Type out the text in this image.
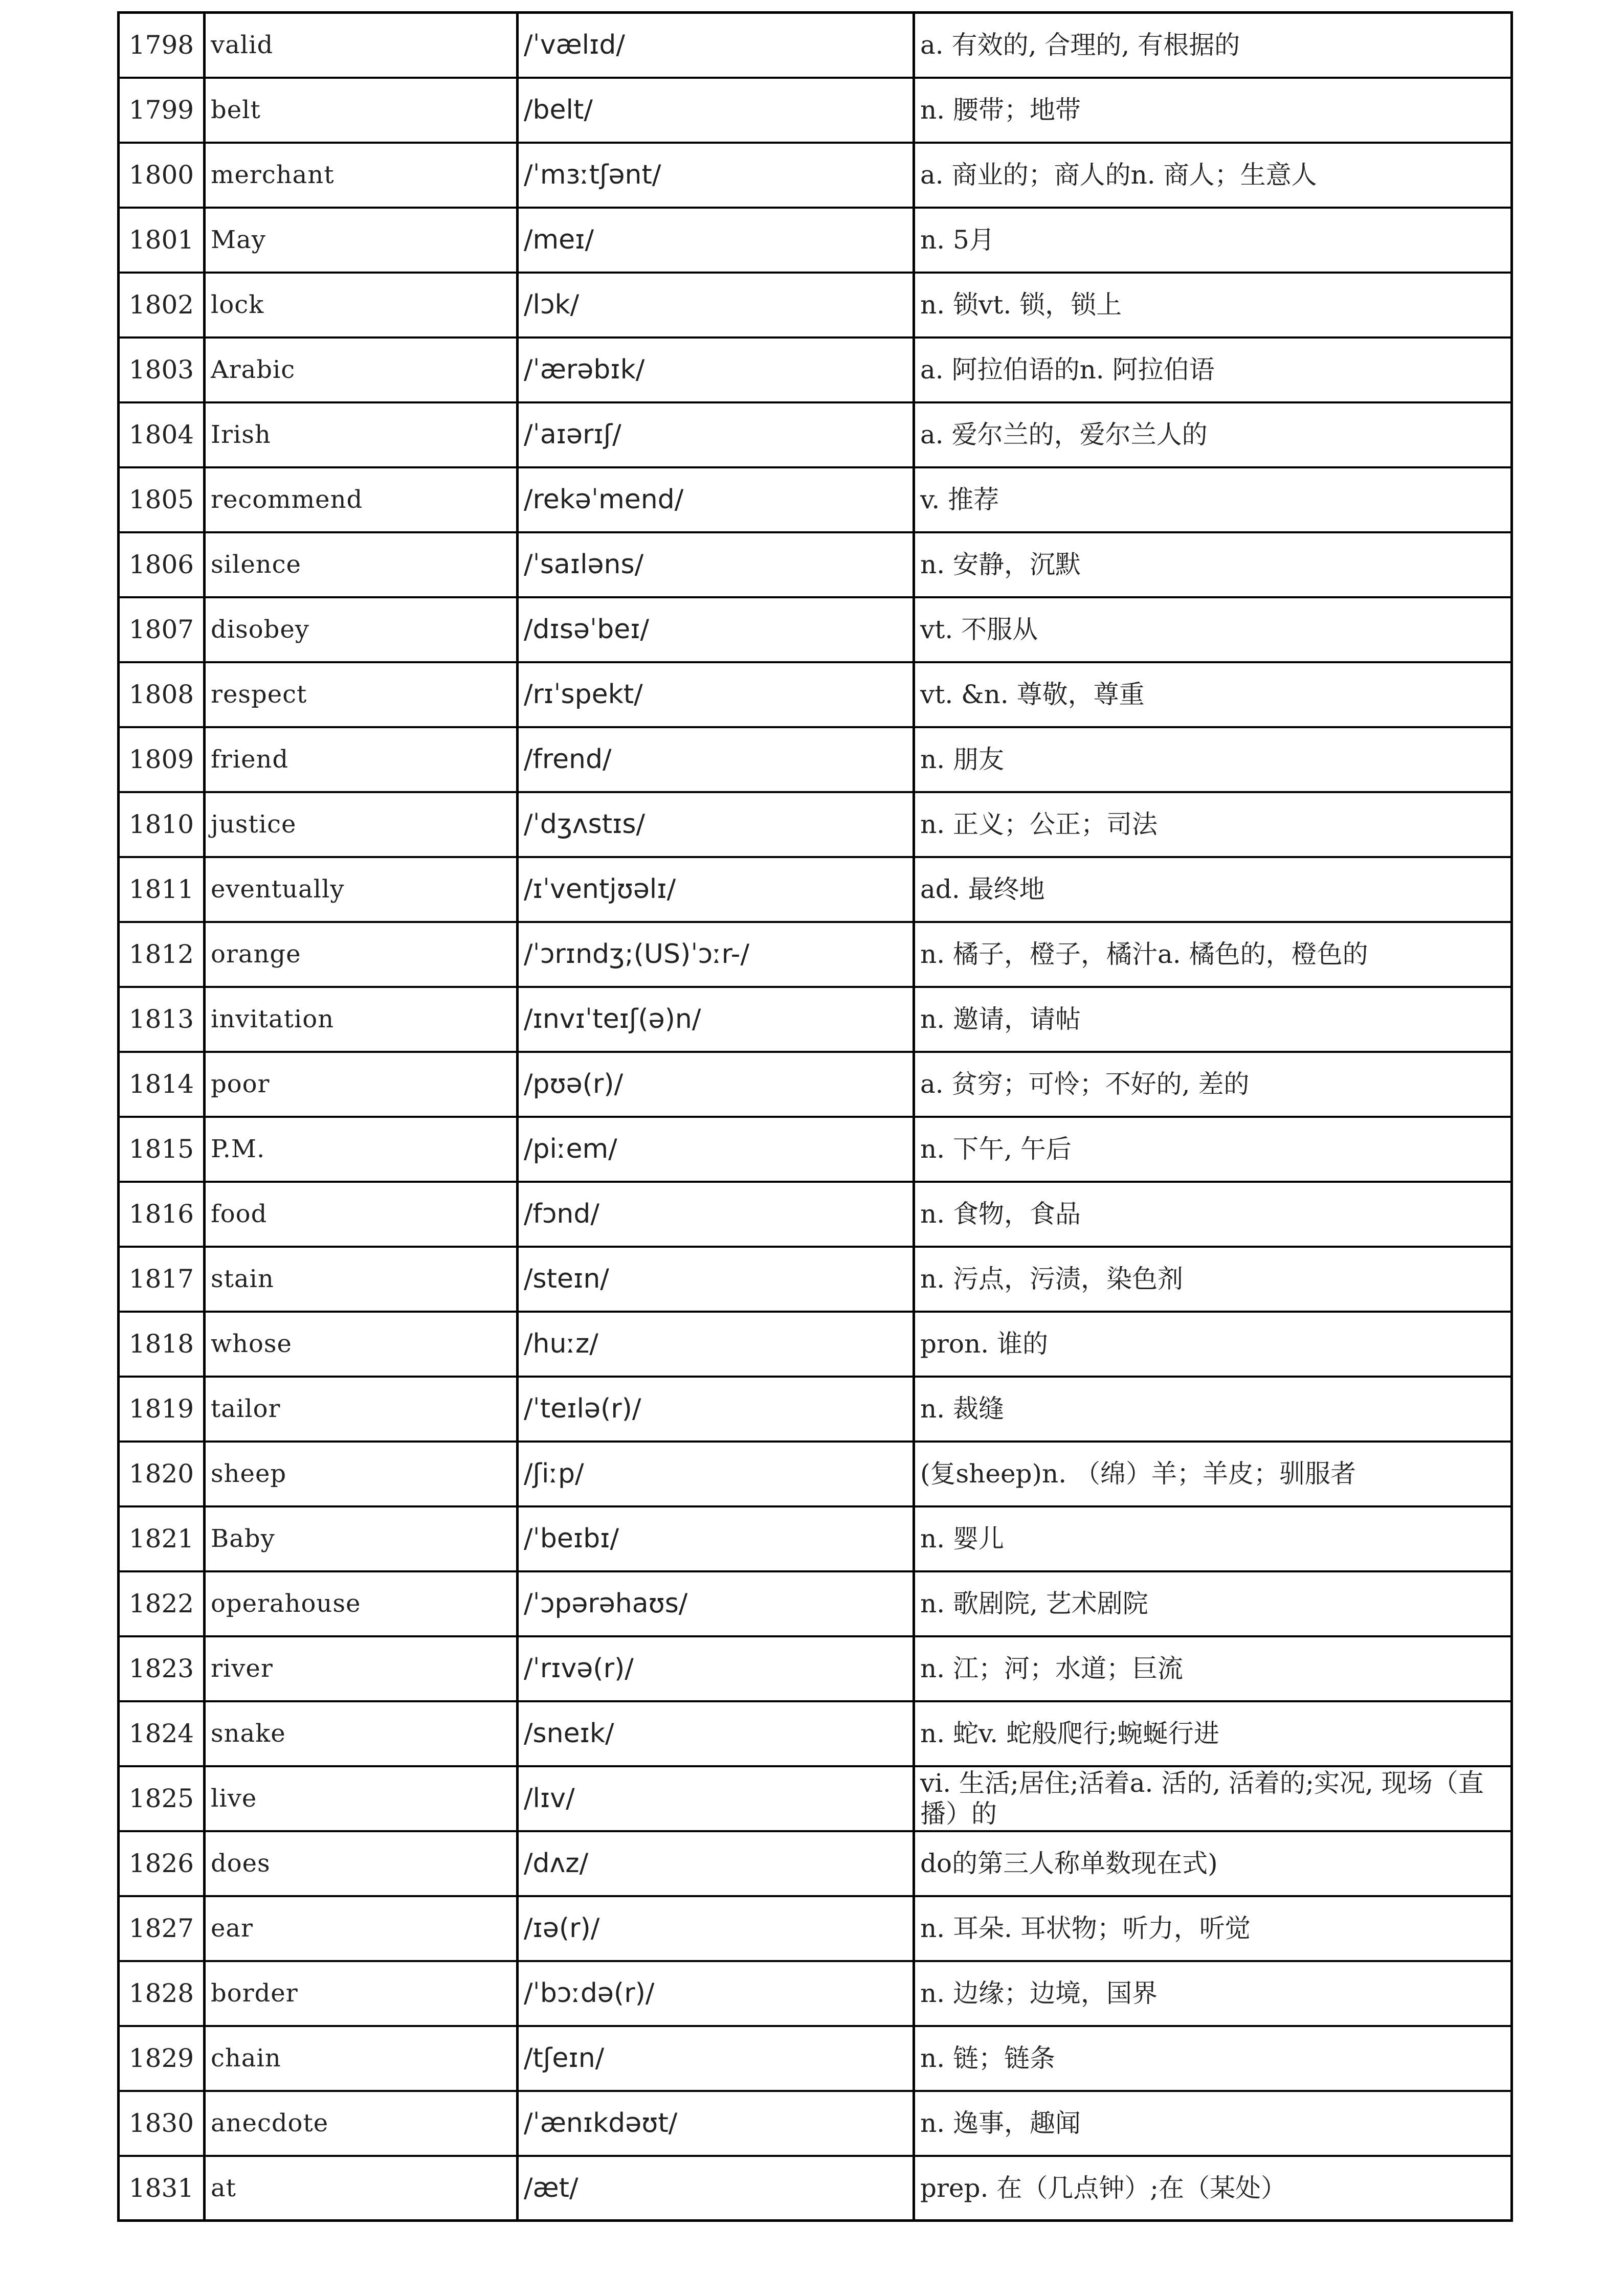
1798	valid	/ˈvælɪd/	a. 有效的, 合理的, 有根据的
1799	belt	/belt/	n. 腰带；地带
1800	merchant	/ˈmɜːtʃənt/	a. 商业的；商人的n. 商人；生意人
1801	May	/meɪ/	n. 5月
1802	lock	/lɔk/	n. 锁vt. 锁，锁上
1803	Arabic	/ˈærəbɪk/	a. 阿拉伯语的n. 阿拉伯语
1804	Irish	/ˈaɪərɪʃ/	a. 爱尔兰的，爱尔兰人的
1805	recommend	/rekəˈmend/	v. 推荐
1806	silence	/ˈsaɪləns/	n. 安静，沉默
1807	disobey	/dɪsəˈbeɪ/	vt. 不服从
1808	respect	/rɪˈspekt/	vt. &n. 尊敬，尊重
1809	friend	/frend/	n. 朋友
1810	justice	/ˈdʒʌstɪs/	n. 正义；公正；司法
1811	eventually	/ɪˈventjʊəlɪ/	ad. 最终地
1812	orange	/ˈɔrɪndʒ;(US)ˈɔːr-/	n. 橘子，橙子，橘汁a. 橘色的，橙色的
1813	invitation	/ɪnvɪˈteɪʃ(ə)n/	n. 邀请，请帖
1814	poor	/pʊə(r)/	a. 贫穷；可怜；不好的, 差的
1815	P.M.	/piːem/	n. 下午, 午后
1816	food	/fɔnd/	n. 食物，食品
1817	stain	/steɪn/	n. 污点，污渍，染色剂
1818	whose	/huːz/	pron. 谁的
1819	tailor	/ˈteɪlə(r)/	n. 裁缝
1820	sheep	/ʃiːp/	(复sheep)n. （绵）羊；羊皮；驯服者
1821	Baby	/ˈbeɪbɪ/	n. 婴儿
1822	operahouse	/ˈɔpərəhaʊs/	n. 歌剧院, 艺术剧院
1823	river	/ˈrɪvə(r)/	n. 江；河；水道；巨流
1824	snake	/sneɪk/	n. 蛇v. 蛇般爬行;蜿蜒行进
1825	live	/lɪv/	vi. 生活;居住;活着a. 活的, 活着的;实况, 现场（直播）的
1826	does	/dʌz/	do的第三人称单数现在式)
1827	ear	/ɪə(r)/	n. 耳朵. 耳状物；听力，听觉
1828	border	/ˈbɔːdə(r)/	n. 边缘；边境，国界
1829	chain	/tʃeɪn/	n. 链；链条
1830	anecdote	/ˈænɪkdəʊt/	n. 逸事，趣闻
1831	at	/æt/	prep. 在（几点钟）;在（某处）
